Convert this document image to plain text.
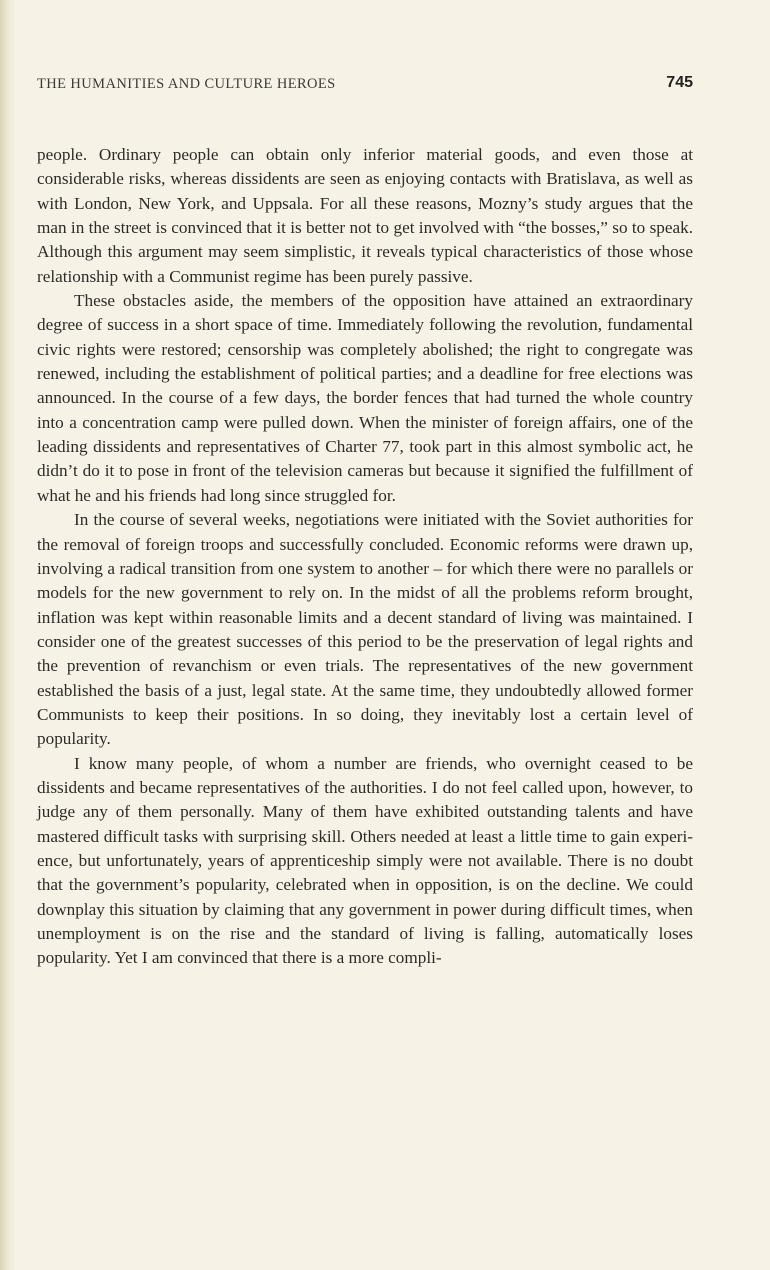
THE HUMANITIES AND CULTURE HEROES	745

people. Ordinary people can obtain only inferior material goods, and even those at considerable risks, whereas dissidents are seen as enjoying contacts with Bratislava, as well as with London, New York, and Uppsala. For all these reasons, Mozny’s study argues that the man in the street is convinced that it is better not to get involved with “the bosses,” so to speak. Although this argument may seem simplistic, it reveals typical characteristics of those whose relationship with a Communist regime has been purely passive.

These obstacles aside, the members of the opposition have attained an extraordinary degree of success in a short space of time. Immediately following the revolution, fundamental civic rights were restored; censorship was completely abolished; the right to congregate was renewed, including the establishment of political parties; and a deadline for free elections was announced. In the course of a few days, the border fences that had turned the whole country into a concentration camp were pulled down. When the minister of foreign affairs, one of the leading dissidents and representatives of Charter 77, took part in this almost symbolic act, he didn’t do it to pose in front of the television cameras but because it signified the fulfillment of what he and his friends had long since struggled for.

In the course of several weeks, negotiations were initiated with the Soviet authorities for the removal of foreign troops and successfully concluded. Economic reforms were drawn up, involving a radical transition from one system to another – for which there were no parallels or models for the new government to rely on. In the midst of all the problems reform brought, inflation was kept within reasonable limits and a decent standard of living was maintained. I consider one of the greatest successes of this period to be the preservation of legal rights and the prevention of revanchism or even trials. The representatives of the new government established the basis of a just, legal state. At the same time, they undoubtedly allowed former Communists to keep their positions. In so doing, they inevitably lost a certain level of popularity.

I know many people, of whom a number are friends, who overnight ceased to be dissidents and became representatives of the authorities. I do not feel called upon, however, to judge any of them personally. Many of them have exhibited outstanding talents and have mastered difficult tasks with surprising skill. Others needed at least a little time to gain experience, but unfortunately, years of apprenticeship simply were not available. There is no doubt that the government’s popularity, celebrated when in opposition, is on the decline. We could downplay this situation by claiming that any government in power during difficult times, when unemployment is on the rise and the standard of living is falling, automatically loses popularity. Yet I am convinced that there is a more compli-
